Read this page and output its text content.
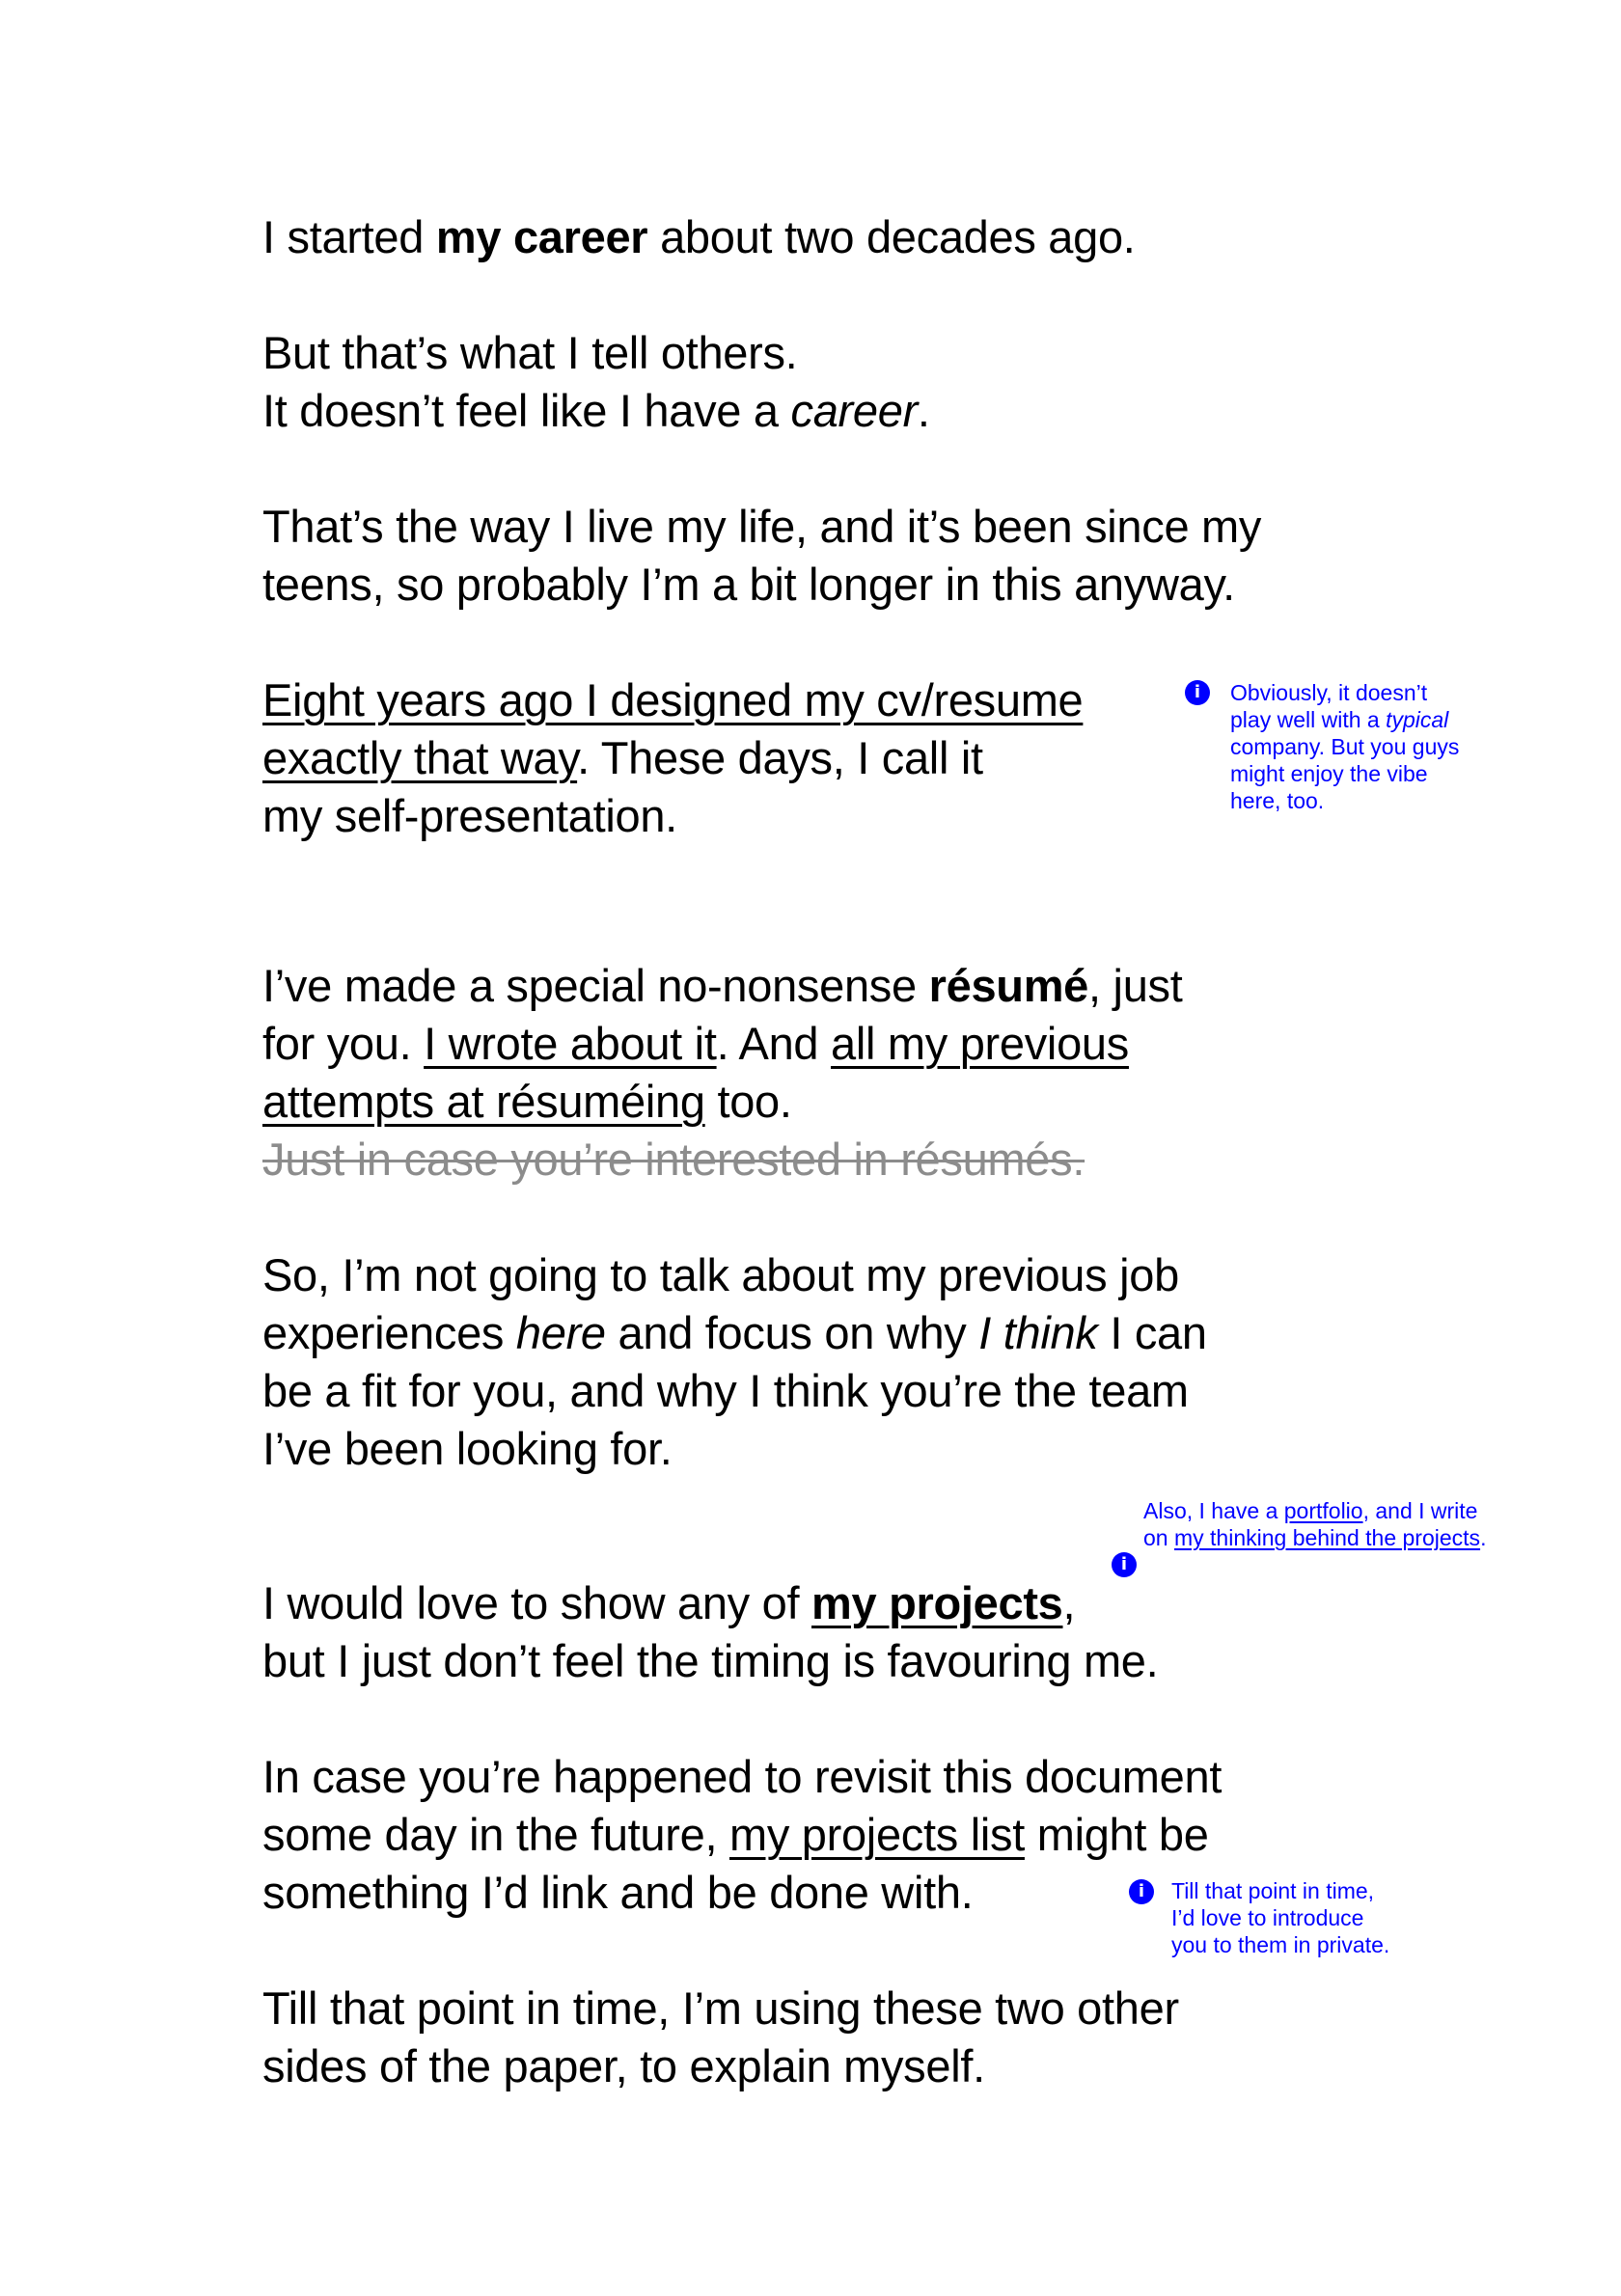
I started my career about two decades ago.
But that’s what I tell others.
It doesn’t feel like I have a career.
That’s the way I live my life, and it’s been since my
teens, so probably I’m a bit longer in this anyway.
Eight years ago I designed my cv/resume
exactly that way. These days, I call it
my self-presentation.
i	Obviously, it doesn’t
play well with a typical
company. But you guys
might enjoy the vibe
here, too.
I’ve made a special no-nonsense résumé, just
for you. I wrote about it. And all my previous
attempts at résuméing too.
Just in case you’re interested in résumés.
So, I’m not going to talk about my previous job
experiences here and focus on why I think I can
be a fit for you, and why I think you’re the team
I’ve been looking for.
Also, I have a portfolio, and I write
on my thinking behind the projects.
i
I would love to show any of my projects,
but I just don’t feel the timing is favouring me.
In case you’re happened to revisit this document
some day in the future, my projects list might be
something I’d link and be done with.	i	Till that point in time,
I’d love to introduce
you to them in private.
Till that point in time, I’m using these two other
sides of the paper, to explain myself.
